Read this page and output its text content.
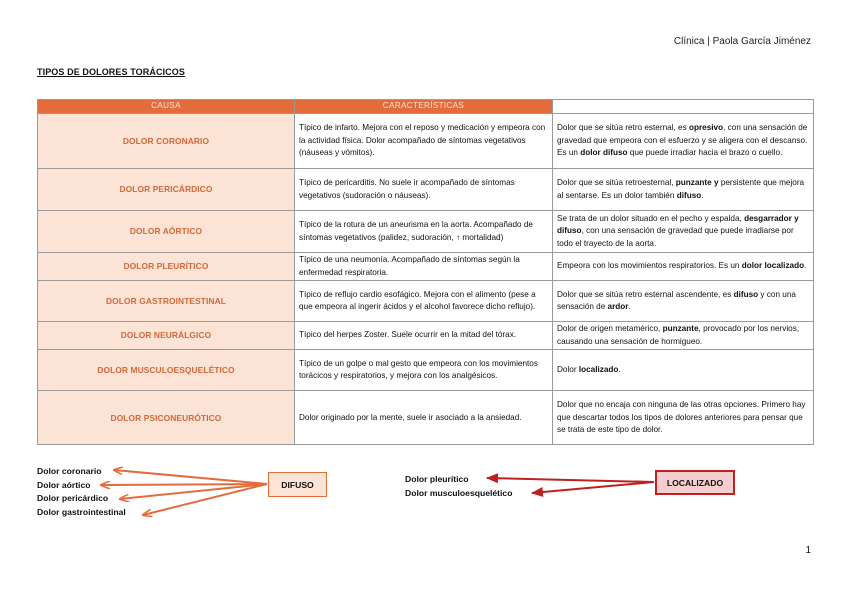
Clínica | Paola García Jiménez
TIPOS DE DOLORES TORÁCICOS
CAUSA	CARACTERÍSTICAS	
DOLOR CORONARIO	Típico de infarto. Mejora con el reposo y medicación y empeora con la actividad física. Dolor acompañado de síntomas vegetativos (náuseas y vómitos).	Dolor que se sitúa retro esternal, es opresivo, con una sensación de gravedad que empeora con el esfuerzo y se aligera con el descanso. Es un dolor difuso que puede irradiar hacia el brazo o cuello.
DOLOR PERICÁRDICO	Típico de pericarditis. No suele ir acompañado de síntomas vegetativos (sudoración o náuseas).	Dolor que se sitúa retroesternal, punzante y persistente que mejora al sentarse. Es un dolor también difuso.
DOLOR AÓRTICO	Típico de la rotura de un aneurisma en la aorta. Acompañado de síntomas vegetativos (palidez, sudoración, ↑ mortalidad)	Se trata de un dolor situado en el pecho y espalda, desgarrador y difuso, con una sensación de gravedad que puede irradiarse por todo el trayecto de la aorta.
DOLOR PLEURÍTICO	Típico de una neumonía. Acompañado de síntomas según la enfermedad respiratoria.	Empeora con los movimientos respiratorios. Es un dolor localizado.
DOLOR GASTROINTESTINAL	Típico de reflujo cardio esofágico. Mejora con el alimento (pese a que empeora al ingerir ácidos y el alcohol favorece dicho reflujo).	Dolor que se sitúa retro esternal ascendente, es difuso y con una sensación de ardor.
DOLOR NEURÁLGICO	Típico del herpes Zoster. Suele ocurrir en la mitad del tórax.	Dolor de origen metamérico, punzante, provocado por los nervios, causando una sensación de hormigueo.
DOLOR MUSCULOESQUELÉTICO	Típico de un golpe o mal gesto que empeora con los movimientos torácicos y respiratorios, y mejora con los analgésicos.	Dolor localizado.
DOLOR PSICONEURÓTICO	Dolor originado por la mente, suele ir asociado a la ansiedad.	Dolor que no encaja con ninguna de las otras opciones. Primero hay que descartar todos los tipos de dolores anteriores para pensar que se trata de este tipo de dolor.
Dolor coronario
Dolor aórtico
Dolor pericárdico
Dolor gastrointestinal
DIFUSO
Dolor pleurítico
Dolor musculoesquelético
LOCALIZADO
1
